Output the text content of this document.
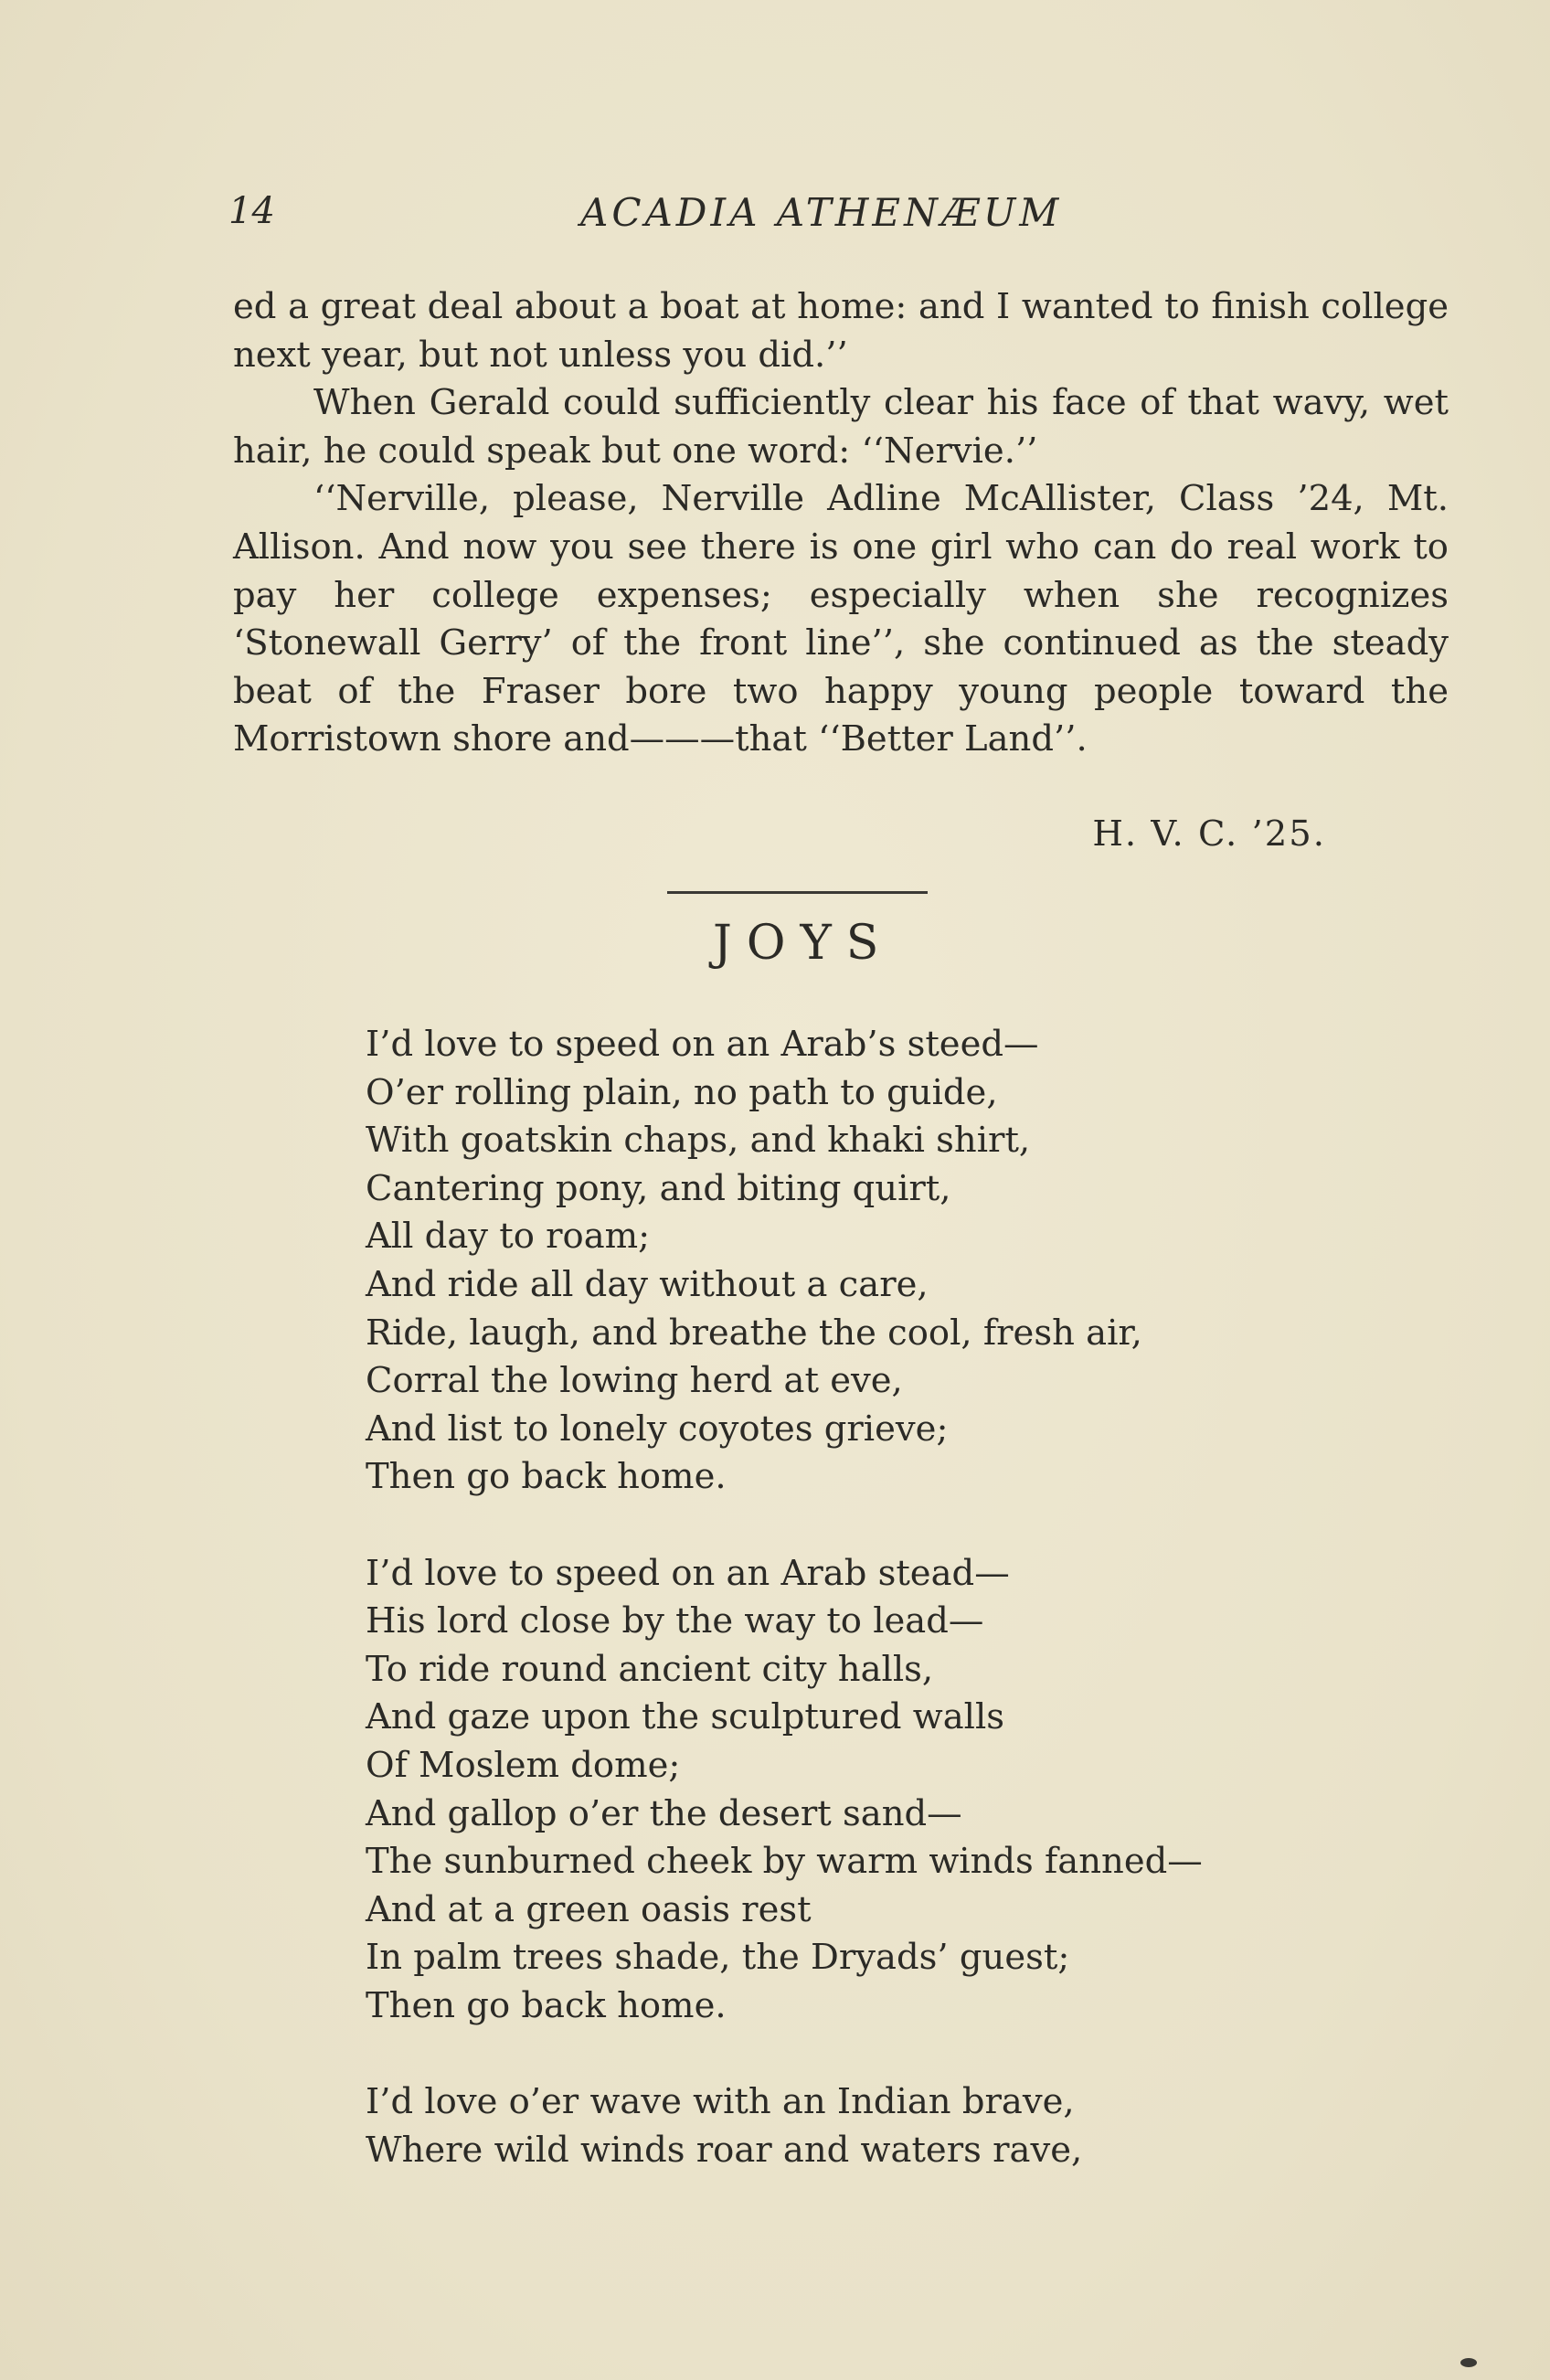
14	ACADIA ATHENÆUM

ed a great deal about a boat at home: and I wanted to finish college next year, but not unless you did.’’

When Gerald could sufficiently clear his face of that wavy, wet hair, he could speak but one word: ‘‘Nervie.’’

‘‘Nerville, please, Nerville Adline McAllister, Class ’24, Mt. Allison. And now you see there is one girl who can do real work to pay her college expenses; especially when she recognizes ‘Stonewall Gerry’ of the front line’’, she continued as the steady beat of the Fraser bore two happy young people toward the Morristown shore and———that ‘‘Better Land’’.

H. V. C. ’25.
JOYS
I’d love to speed on an Arab’s steed—
O’er rolling plain, no path to guide,
With goatskin chaps, and khaki shirt,
Cantering pony, and biting quirt,
All day to roam;
And ride all day without a care,
Ride, laugh, and breathe the cool, fresh air,
Corral the lowing herd at eve,
And list to lonely coyotes grieve;
Then go back home.
I’d love to speed on an Arab stead—
His lord close by the way to lead—
To ride round ancient city halls,
And gaze upon the sculptured walls
Of Moslem dome;
And gallop o’er the desert sand—
The sunburned cheek by warm winds fanned—
And at a green oasis rest
In palm trees shade, the Dryads’ guest;
Then go back home.
I’d love o’er wave with an Indian brave,
Where wild winds roar and waters rave,
